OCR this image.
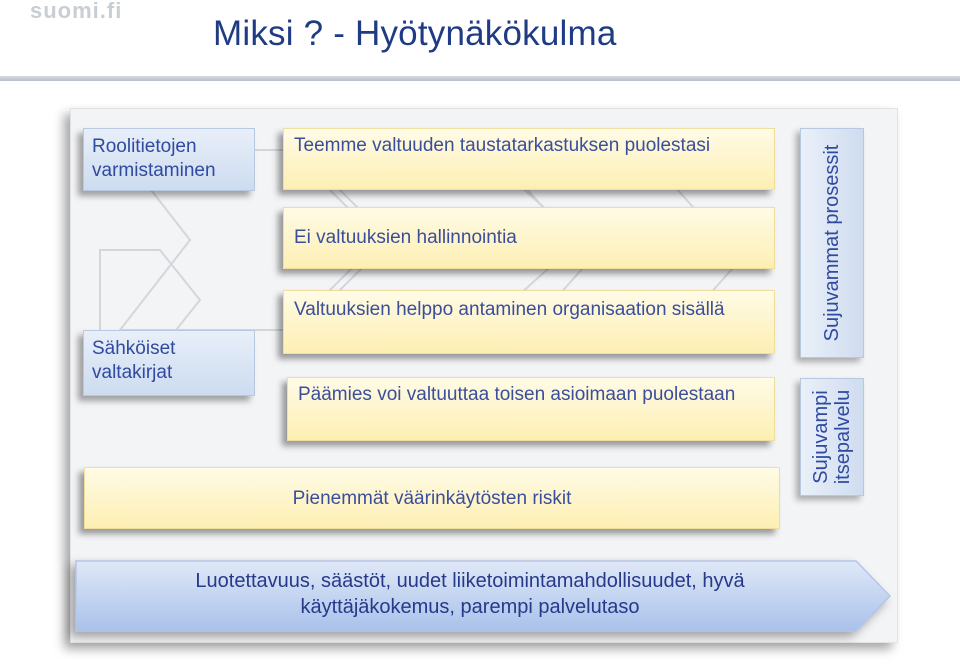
suomi.fi
Miksi ? - Hyötynäkökulma
Roolitietojen varmistaminen
Sähköiset valtakirjat
Teemme valtuuden taustatarkastuksen puolestasi
Ei valtuuksien hallinnointia
Valtuuksien helppo antaminen organisaation sisällä
Päämies voi valtuuttaa toisen asioimaan puolestaan
Pienemmät väärinkäytösten riskit
Sujuvammat prosessit
Sujuvampi itsepalvelu
Luotettavuus, säästöt, uudet liiketoimintamahdollisuudet, hyvä käyttäjäkokemus, parempi palvelutaso
